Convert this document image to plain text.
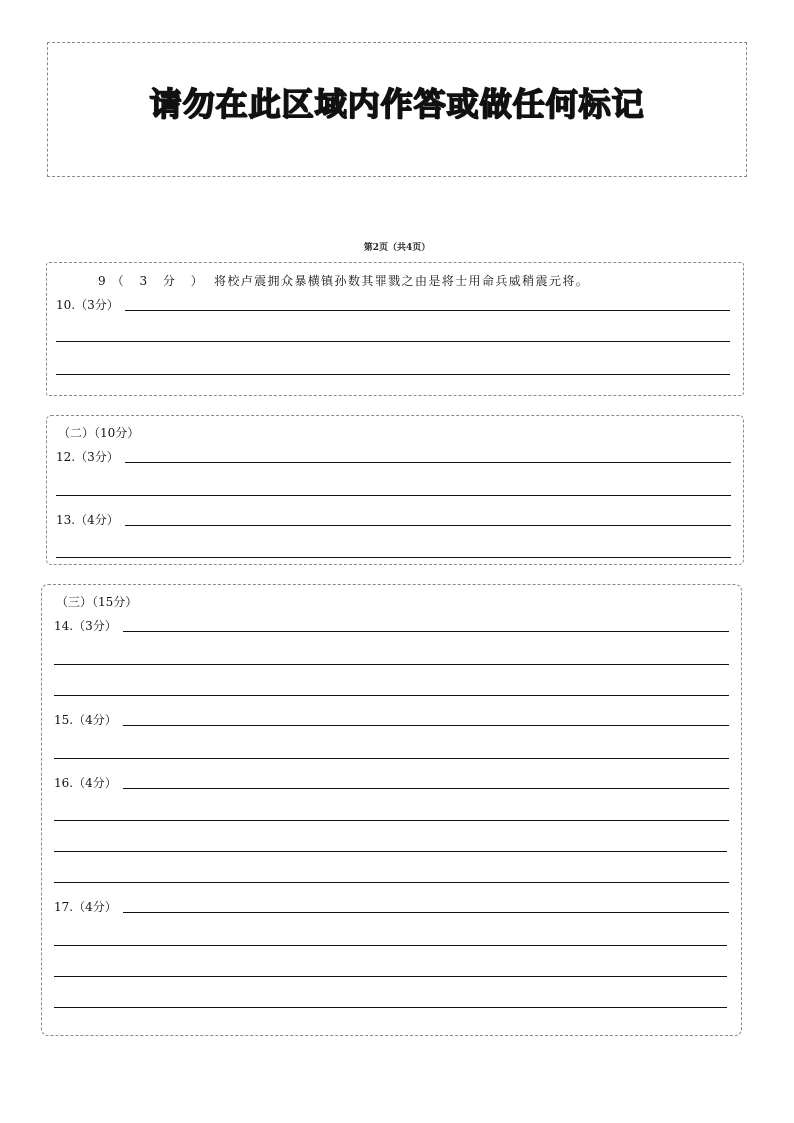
请勿在此区域内作答或做任何标记
第2页（共4页）
9（ 3 分 ） 将校卢震拥众暴横镇孙数其罪戮之由是将士用命兵威稍震元将。
10.（3分）
（二）（10分）
12.（3分）
13.（4分）
（三）（15分）
14.（3分）
15.（4分）
16.（4分）
17.（4分）
